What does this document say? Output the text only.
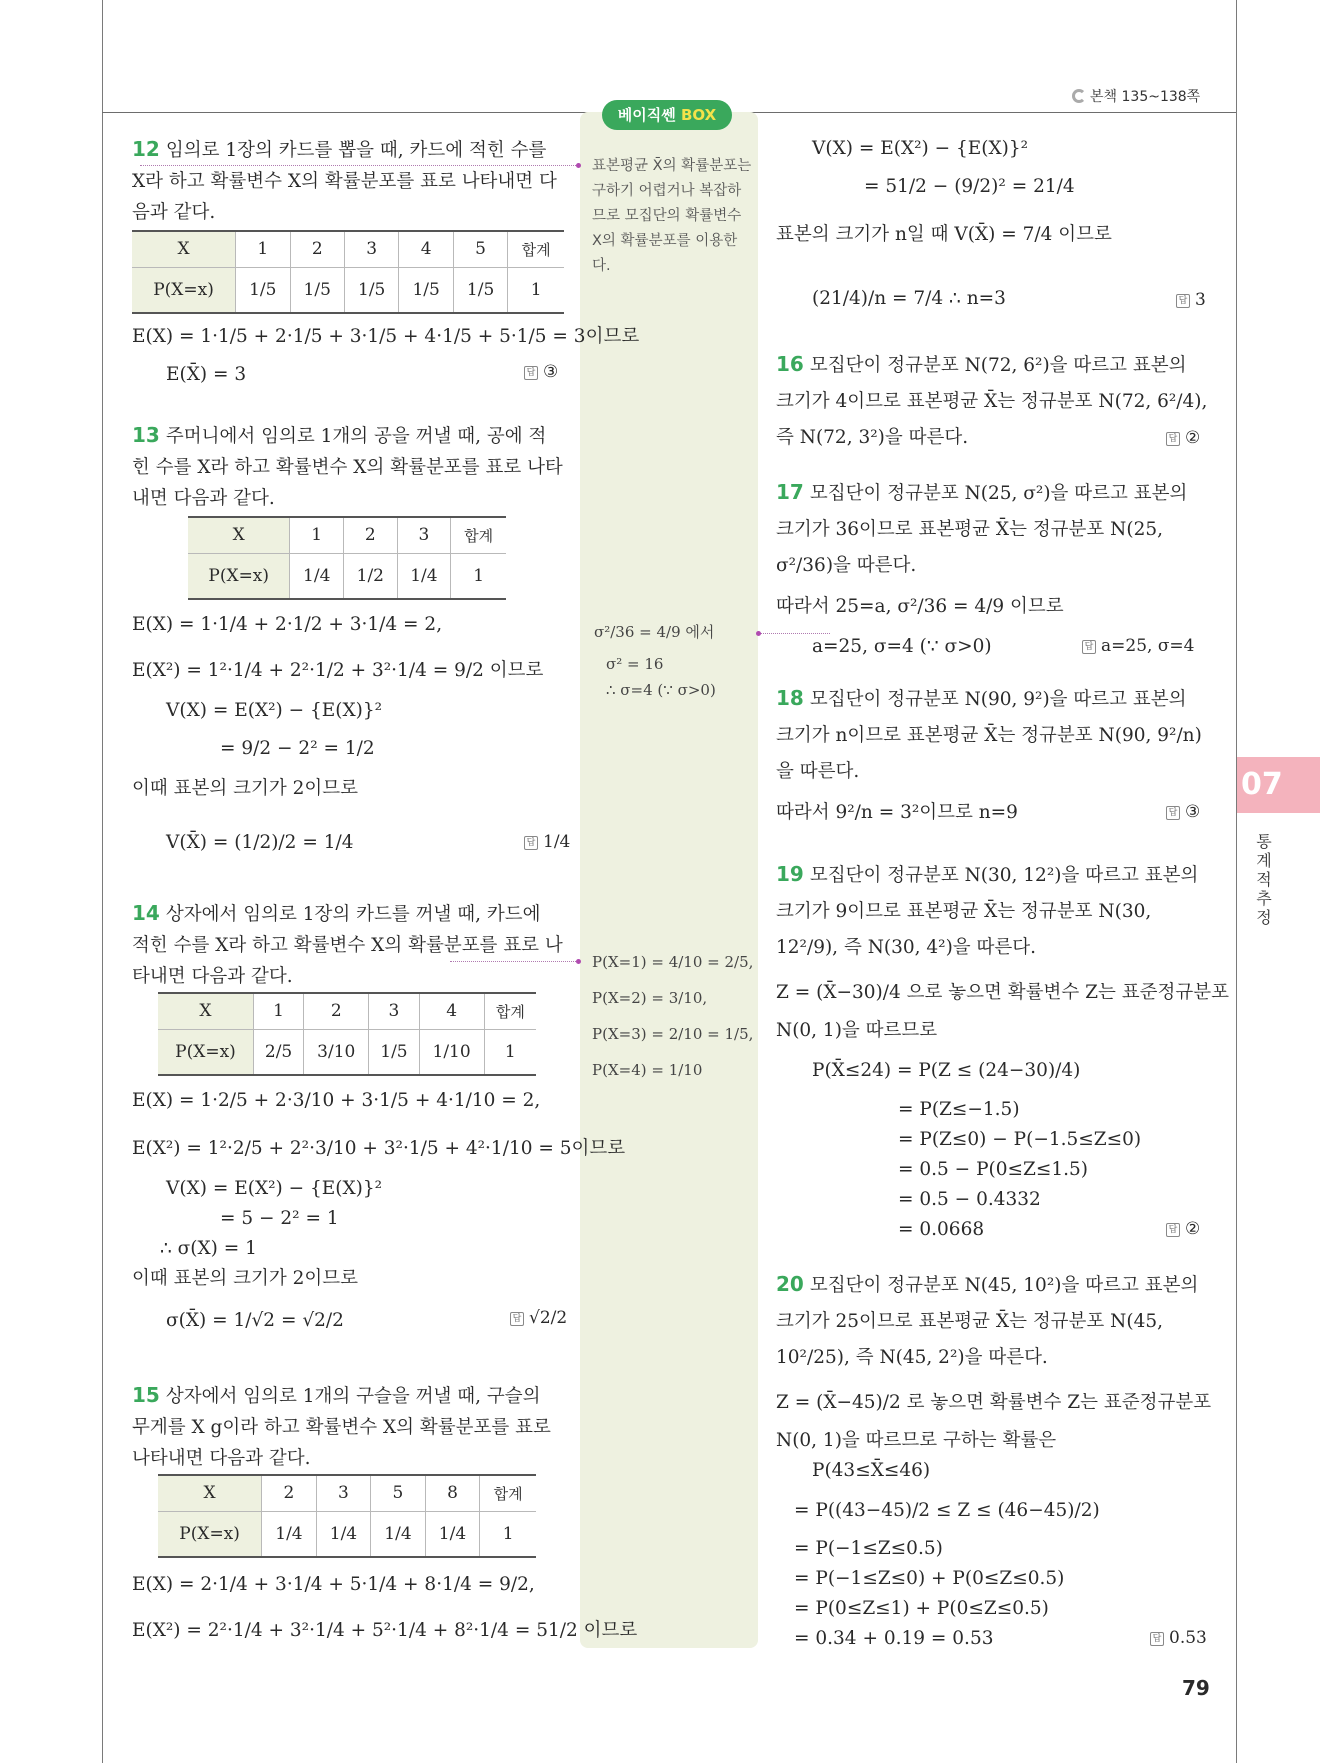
본책 135~138쪽
베이직쎈 BOX
표본평균 X̄의 확률분포는 구하기 어렵거나 복잡하므로 모집단의 확률변수 X의 확률분포를 이용한다.
σ²/36 = 4/9 에서
σ² = 16
∴ σ=4 (∵ σ>0)
P(X=1) = 4/10 = 2/5,
P(X=2) = 3/10,
P(X=3) = 2/10 = 1/5,
P(X=4) = 1/10
12 임의로 1장의 카드를 뽑을 때, 카드에 적힌 수를 X라 하고 확률변수 X의 확률분포를 표로 나타내면 다음과 같다.
X	1	2	3	4	5	합계
P(X=x)	1/5	1/5	1/5	1/5	1/5	1
E(X) = 1·1/5 + 2·1/5 + 3·1/5 + 4·1/5 + 5·1/5 = 3이므로
E(X̄) = 3	답 ③
13 주머니에서 임의로 1개의 공을 꺼낼 때, 공에 적힌 수를 X라 하고 확률변수 X의 확률분포를 표로 나타내면 다음과 같다.
X	1	2	3	합계
P(X=x)	1/4	1/2	1/4	1
E(X) = 1·1/4 + 2·1/2 + 3·1/4 = 2,
E(X²) = 1²·1/4 + 2²·1/2 + 3²·1/4 = 9/2 이므로
V(X) = E(X²) − {E(X)}²
= 9/2 − 2² = 1/2
이때 표본의 크기가 2이므로
V(X̄) = (1/2)/2 = 1/4	답 1/4
14 상자에서 임의로 1장의 카드를 꺼낼 때, 카드에 적힌 수를 X라 하고 확률변수 X의 확률분포를 표로 나타내면 다음과 같다.
X	1	2	3	4	합계
P(X=x)	2/5	3/10	1/5	1/10	1
E(X) = 1·2/5 + 2·3/10 + 3·1/5 + 4·1/10 = 2,
E(X²) = 1²·2/5 + 2²·3/10 + 3²·1/5 + 4²·1/10 = 5이므로
V(X) = E(X²) − {E(X)}²
= 5 − 2² = 1
∴ σ(X) = 1
이때 표본의 크기가 2이므로
σ(X̄) = 1/√2 = √2/2	답 √2/2
15 상자에서 임의로 1개의 구슬을 꺼낼 때, 구슬의 무게를 X g이라 하고 확률변수 X의 확률분포를 표로 나타내면 다음과 같다.
X	2	3	5	8	합계
P(X=x)	1/4	1/4	1/4	1/4	1
E(X) = 2·1/4 + 3·1/4 + 5·1/4 + 8·1/4 = 9/2,
E(X²) = 2²·1/4 + 3²·1/4 + 5²·1/4 + 8²·1/4 = 51/2 이므로
V(X) = E(X²) − {E(X)}²
= 51/2 − (9/2)² = 21/4
표본의 크기가 n일 때 V(X̄) = 7/4 이므로
(21/4)/n = 7/4 ∴ n=3	답 3
16 모집단이 정규분포 N(72, 6²)을 따르고 표본의 크기가 4이므로 표본평균 X̄는 정규분포 N(72, 6²/4), 즉 N(72, 3²)을 따른다.	답 ②
17 모집단이 정규분포 N(25, σ²)을 따르고 표본의 크기가 36이므로 표본평균 X̄는 정규분포 N(25, σ²/36)을 따른다.
따라서 25=a, σ²/36 = 4/9 이므로
a=25, σ=4 (∵ σ>0)	답 a=25, σ=4
18 모집단이 정규분포 N(90, 9²)을 따르고 표본의 크기가 n이므로 표본평균 X̄는 정규분포 N(90, 9²/n)을 따른다.
따라서 9²/n = 3²이므로 n=9	답 ③
07
통계적 추정
19 모집단이 정규분포 N(30, 12²)을 따르고 표본의 크기가 9이므로 표본평균 X̄는 정규분포 N(30, 12²/9), 즉 N(30, 4²)을 따른다.
Z = (X̄−30)/4 으로 놓으면 확률변수 Z는 표준정규분포
N(0, 1)을 따르므로
P(X̄≤24) = P(Z ≤ (24−30)/4)
= P(Z≤−1.5)
= P(Z≤0) − P(−1.5≤Z≤0)
= 0.5 − P(0≤Z≤1.5)
= 0.5 − 0.4332
= 0.0668	답 ②
20 모집단이 정규분포 N(45, 10²)을 따르고 표본의 크기가 25이므로 표본평균 X̄는 정규분포 N(45, 10²/25), 즉 N(45, 2²)을 따른다.
Z = (X̄−45)/2 로 놓으면 확률변수 Z는 표준정규분포
N(0, 1)을 따르므로 구하는 확률은
P(43≤X̄≤46)
= P((43−45)/2 ≤ Z ≤ (46−45)/2)
= P(−1≤Z≤0.5)
= P(−1≤Z≤0) + P(0≤Z≤0.5)
= P(0≤Z≤1) + P(0≤Z≤0.5)
= 0.34 + 0.19 = 0.53	답 0.53
79
